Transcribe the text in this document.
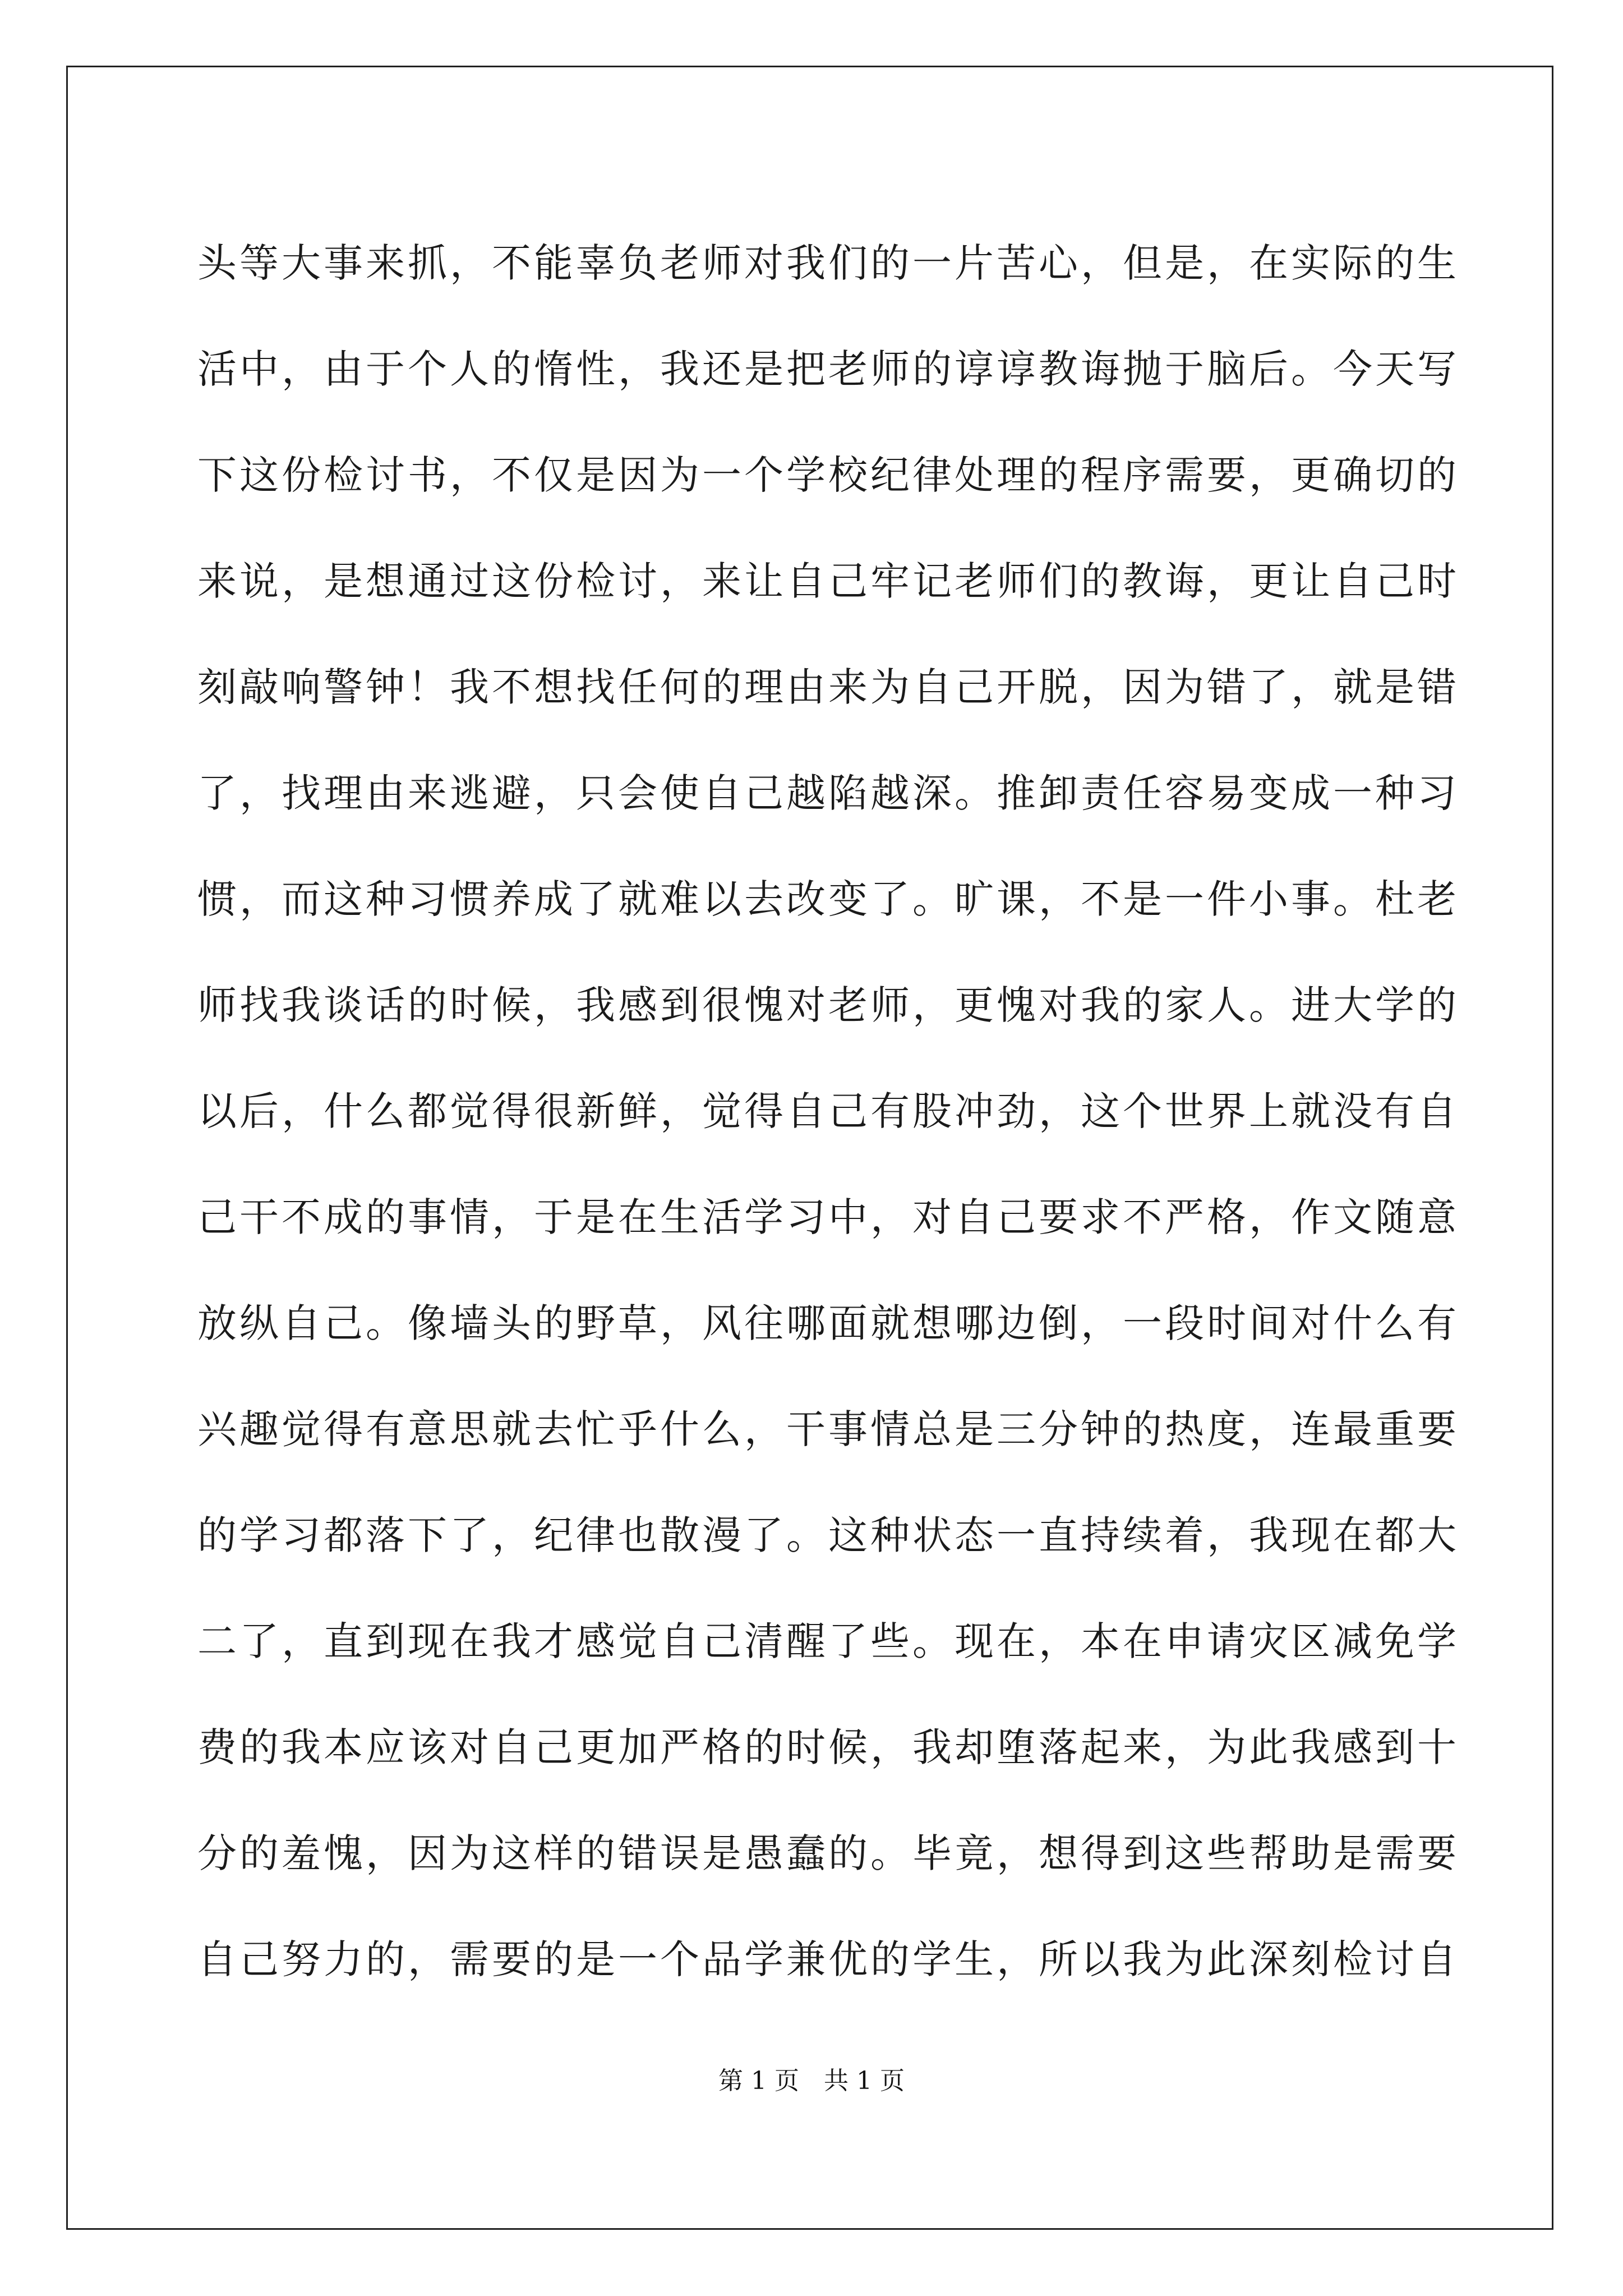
头等大事来抓，不能辜负老师对我们的一片苦心，但是，在实际的生
活中，由于个人的惰性，我还是把老师的谆谆教诲抛于脑后。今天写
下这份检讨书，不仅是因为一个学校纪律处理的程序需要，更确切的
来说，是想通过这份检讨，来让自己牢记老师们的教诲，更让自己时
刻敲响警钟！我不想找任何的理由来为自己开脱，因为错了，就是错
了，找理由来逃避，只会使自己越陷越深。推卸责任容易变成一种习
惯，而这种习惯养成了就难以去改变了。旷课，不是一件小事。杜老
师找我谈话的时候，我感到很愧对老师，更愧对我的家人。进大学的
以后，什么都觉得很新鲜，觉得自己有股冲劲，这个世界上就没有自
己干不成的事情，于是在生活学习中，对自己要求不严格，作文随意
放纵自己。像墙头的野草，风往哪面就想哪边倒，一段时间对什么有
兴趣觉得有意思就去忙乎什么，干事情总是三分钟的热度，连最重要
的学习都落下了，纪律也散漫了。这种状态一直持续着，我现在都大
二了，直到现在我才感觉自己清醒了些。现在，本在申请灾区减免学
费的我本应该对自己更加严格的时候，我却堕落起来，为此我感到十
分的羞愧，因为这样的错误是愚蠢的。毕竟，想得到这些帮助是需要
自己努力的，需要的是一个品学兼优的学生，所以我为此深刻检讨自
第 1 页　共 1 页
